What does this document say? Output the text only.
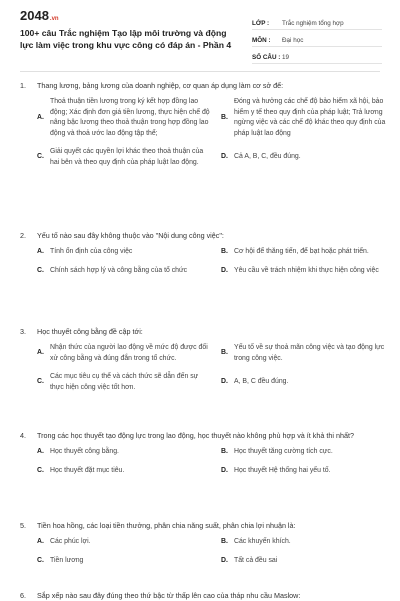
2048.vn
100+ câu Trắc nghiệm Tạo lập môi trường và động lực làm việc trong khu vực công có đáp án - Phần 4
LỚP :	Trắc nghiệm tổng hợp
MÔN :	Đại học
SỐ CÂU : 19
1.	Thang lương, bảng lương của doanh nghiệp, cơ quan áp dụng làm cơ sở để:
A.
Thoả thuận tiền lương trong ký kết hợp đồng lao động; Xác định đơn giá tiền lương, thực hiện chế độ nâng bậc lương theo thoả thuận trong hợp đồng lao động và thoả ước lao động tập thể;
B.
Đóng và hưởng các chế độ bảo hiểm xã hội, bảo hiểm y tế theo quy định của pháp luật; Trả lương ngừng việc và các chế độ khác theo quy định của pháp luật lao động
C.
Giải quyết các quyền lợi khác theo thoả thuận của hai bên và theo quy định của pháp luật lao động.
D. Cả A, B, C, đều đúng.
2.	Yếu tố nào sau đây không thuộc vào "Nội dung công việc":
A. Tính ổn định của công việc	B. Cơ hội để thăng tiến, để bạt hoặc phát triển.
C. Chính sách hợp lý và công bằng của tổ chức	D. Yêu cầu về trách nhiệm khi thực hiện công việc
3.	Học thuyết công bằng đề cập tới:
A.
Nhận thức của người lao động về mức độ được đối xử công bằng và đúng đắn trong tổ chức.
B.
Yếu tố về sự thoả mãn công việc và tạo động lực trong công việc.
C.
Các mục tiêu cụ thể và cách thức sẽ dẫn đến sự thực hiện công việc tốt hơn.
D. A, B, C đều đúng.
4.	Trong các học thuyết tạo động lực trong lao động, học thuyết nào không phù hợp và ít khả thi nhất?
A. Học thuyết công bằng.	B. Học thuyết tăng cường tích cực.
C. Học thuyết đặt mục tiêu.	D. Học thuyết Hệ thống hai yếu tố.
5.	Tiền hoa hồng, các loại tiền thưởng, phân chia năng suất, phân chia lợi nhuận là:
A. Các phúc lợi.	B. Các khuyến khích.
C. Tiền lương	D. Tất cả đều sai
6.	Sắp xếp nào sau đây đúng theo thứ bậc từ thấp lên cao của tháp nhu cầu Maslow:
